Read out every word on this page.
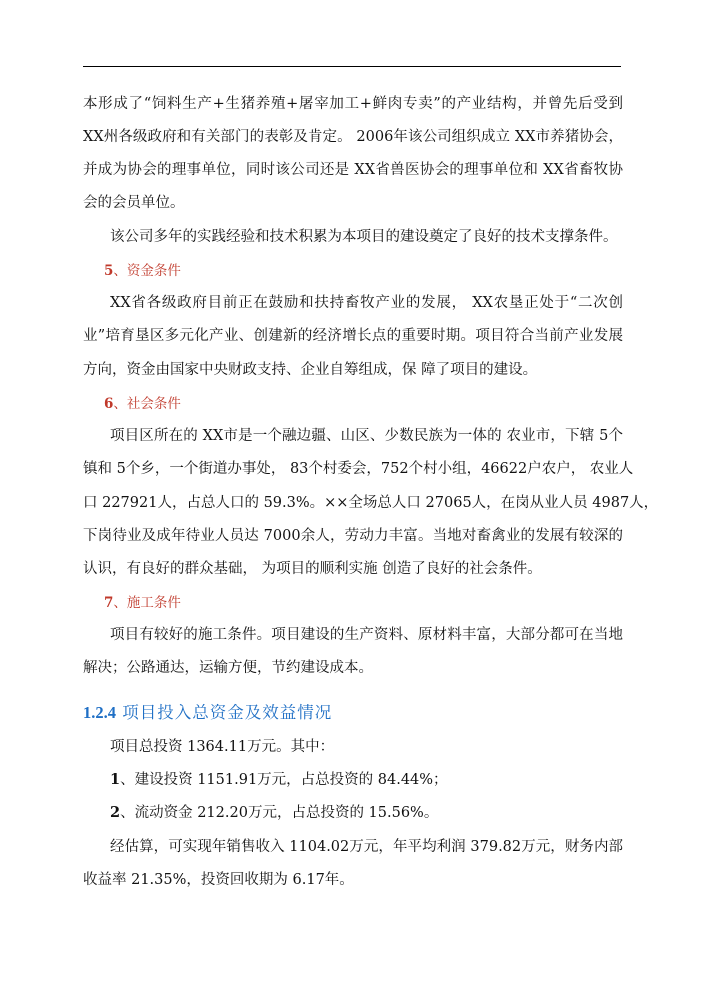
本形成了“饲料生产+生猪养殖+屠宰加工+鲜肉专卖”的产业结构，并曾先后受到
XX州各级政府和有关部门的表彰及肯定。 2006年该公司组织成立 XX市养猪协会，
并成为协会的理事单位，同时该公司还是 XX省兽医协会的理事单位和 XX省畜牧协
会的会员单位。
该公司多年的实践经验和技术积累为本项目的建设奠定了良好的技术支撑条件。
5、资金条件
XX省各级政府目前正在鼓励和扶持畜牧产业的发展， XX农垦正处于“二次创
业”培育垦区多元化产业、创建新的经济增长点的重要时期。项目符合当前产业发展
方向，资金由国家中央财政支持、企业自筹组成，保 障了项目的建设。
6、社会条件
项目区所在的 XX市是一个融边疆、山区、少数民族为一体的 农业市，下辖 5个
镇和 5个乡，一个街道办事处， 83个村委会，752个村小组，46622户农户， 农业人
口 227921人，占总人口的 59.3%。××全场总人口 27065人，在岗从业人员 4987人，
下岗待业及成年待业人员达 7000余人，劳动力丰富。当地对畜禽业的发展有较深的
认识，有良好的群众基础， 为项目的顺利实施 创造了良好的社会条件。
7、施工条件
项目有较好的施工条件。项目建设的生产资料、原材料丰富，大部分都可在当地
解决；公路通达，运输方便，节约建设成本。
1.2.4 项目投入总资金及效益情况
项目总投资 1364.11万元。其中：
1、建设投资 1151.91万元，占总投资的 84.44%；
2、流动资金 212.20万元，占总投资的 15.56%。
经估算，可实现年销售收入 1104.02万元，年平均利润 379.82万元，财务内部
收益率 21.35%，投资回收期为 6.17年。
